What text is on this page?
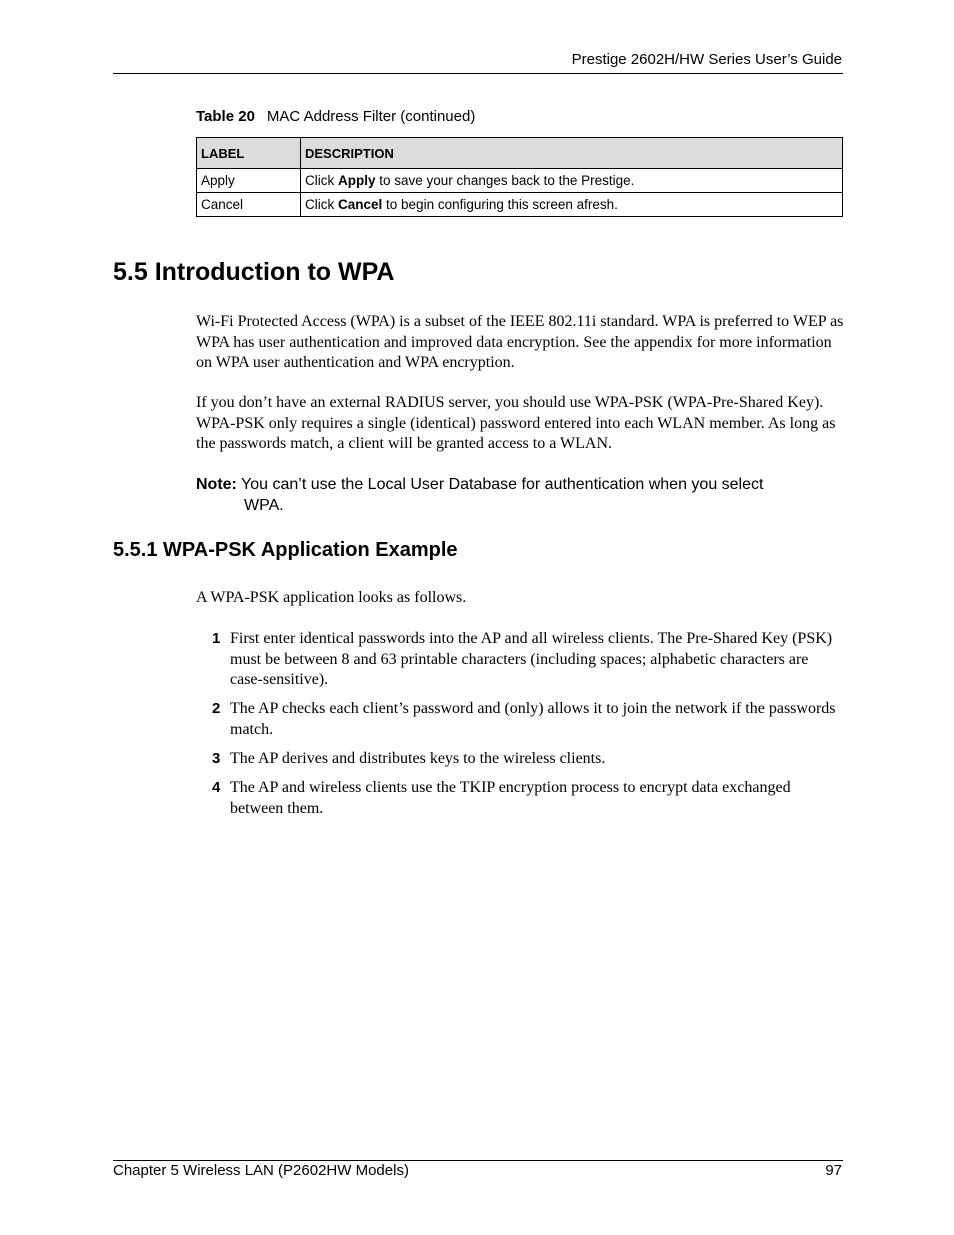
Prestige 2602H/HW Series User’s Guide
Table 20 MAC Address Filter (continued)
LABEL	DESCRIPTION
Apply	Click Apply to save your changes back to the Prestige.
Cancel	Click Cancel to begin configuring this screen afresh.
5.5 Introduction to WPA

Wi-Fi Protected Access (WPA) is a subset of the IEEE 802.11i standard. WPA is preferred to WEP as WPA has user authentication and improved data encryption. See the appendix for more information on WPA user authentication and WPA encryption.

If you don’t have an external RADIUS server, you should use WPA-PSK (WPA-Pre-Shared Key). WPA-PSK only requires a single (identical) password entered into each WLAN member. As long as the passwords match, a client will be granted access to a WLAN.

Note: You can’t use the Local User Database for authentication when you select
WPA.
5.5.1 WPA-PSK Application Example

A WPA-PSK application looks as follows.

1 First enter identical passwords into the AP and all wireless clients. The Pre-Shared Key (PSK) must be between 8 and 63 printable characters (including spaces; alphabetic characters are case-sensitive).
2 The AP checks each client’s password and (only) allows it to join the network if the passwords match.
3 The AP derives and distributes keys to the wireless clients.
4 The AP and wireless clients use the TKIP encryption process to encrypt data exchanged between them.
Chapter 5 Wireless LAN (P2602HW Models)	97
